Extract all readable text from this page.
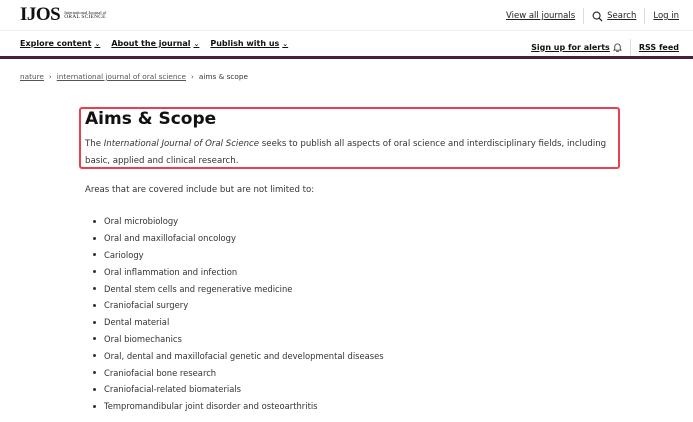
IJOS International Journal of
ORAL SCIENCE	View all journals	Search Log in
Explore content ⌄ About the journal ⌄ Publish with us ⌄	Sign up for alerts	RSS feed
nature › international journal of oral science › aims & scope
Aims & Scope
The International Journal of Oral Science seeks to publish all aspects of oral science and interdisciplinary fields, including basic, applied and clinical research.
Areas that are covered include but are not limited to:
Oral microbiology
Oral and maxillofacial oncology
Cariology
Oral inflammation and infection
Dental stem cells and regenerative medicine
Craniofacial surgery
Dental material
Oral biomechanics
Oral, dental and maxillofacial genetic and developmental diseases
Craniofacial bone research
Craniofacial-related biomaterials
Tempromandibular joint disorder and osteoarthritis
